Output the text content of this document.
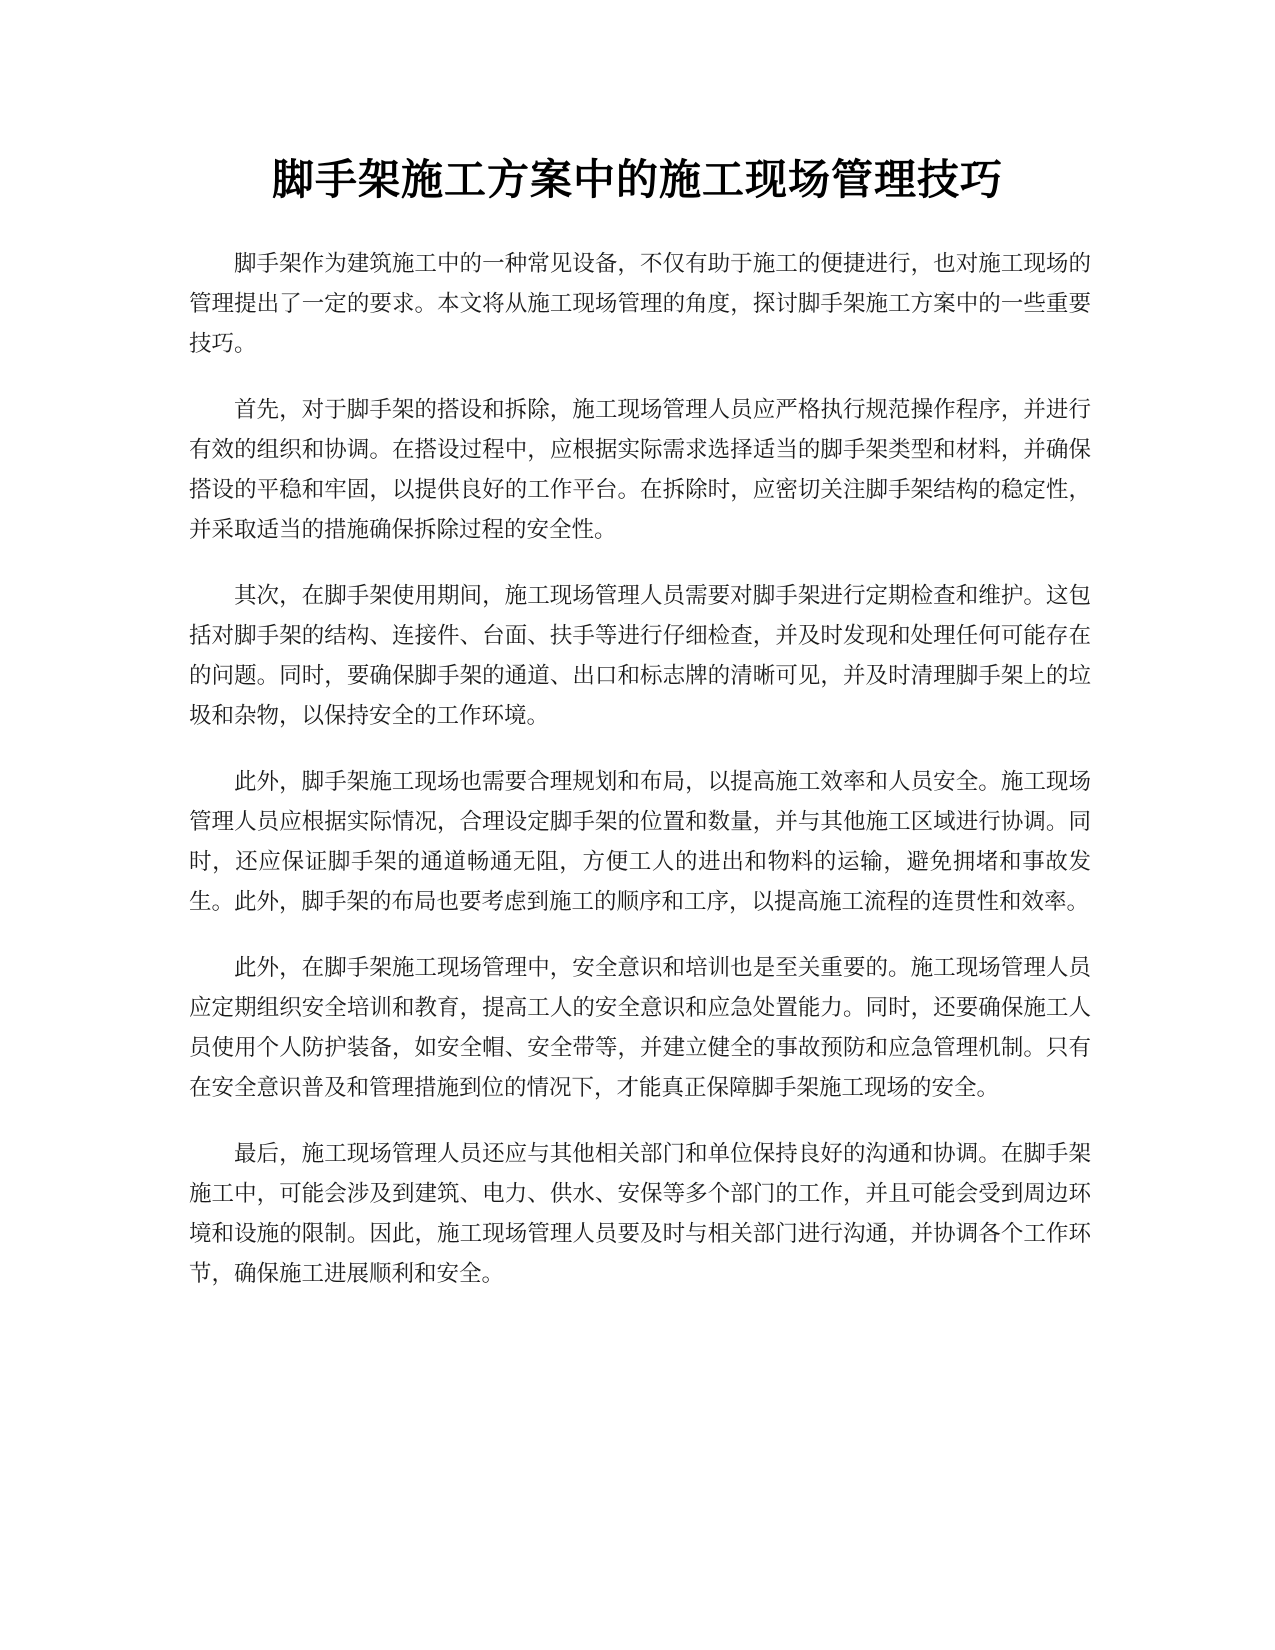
脚手架施工方案中的施工现场管理技巧

脚手架作为建筑施工中的一种常见设备，不仅有助于施工的便捷进行，也对施工现场的管理提出了一定的要求。本文将从施工现场管理的角度，探讨脚手架施工方案中的一些重要技巧。

首先，对于脚手架的搭设和拆除，施工现场管理人员应严格执行规范操作程序，并进行有效的组织和协调。在搭设过程中，应根据实际需求选择适当的脚手架类型和材料，并确保搭设的平稳和牢固，以提供良好的工作平台。在拆除时，应密切关注脚手架结构的稳定性，并采取适当的措施确保拆除过程的安全性。

其次，在脚手架使用期间，施工现场管理人员需要对脚手架进行定期检查和维护。这包括对脚手架的结构、连接件、台面、扶手等进行仔细检查，并及时发现和处理任何可能存在的问题。同时，要确保脚手架的通道、出口和标志牌的清晰可见，并及时清理脚手架上的垃圾和杂物，以保持安全的工作环境。

此外，脚手架施工现场也需要合理规划和布局，以提高施工效率和人员安全。施工现场管理人员应根据实际情况，合理设定脚手架的位置和数量，并与其他施工区域进行协调。同时，还应保证脚手架的通道畅通无阻，方便工人的进出和物料的运输，避免拥堵和事故发生。此外，脚手架的布局也要考虑到施工的顺序和工序，以提高施工流程的连贯性和效率。

此外，在脚手架施工现场管理中，安全意识和培训也是至关重要的。施工现场管理人员应定期组织安全培训和教育，提高工人的安全意识和应急处置能力。同时，还要确保施工人员使用个人防护装备，如安全帽、安全带等，并建立健全的事故预防和应急管理机制。只有在安全意识普及和管理措施到位的情况下，才能真正保障脚手架施工现场的安全。

最后，施工现场管理人员还应与其他相关部门和单位保持良好的沟通和协调。在脚手架施工中，可能会涉及到建筑、电力、供水、安保等多个部门的工作，并且可能会受到周边环境和设施的限制。因此，施工现场管理人员要及时与相关部门进行沟通，并协调各个工作环节，确保施工进展顺利和安全。
